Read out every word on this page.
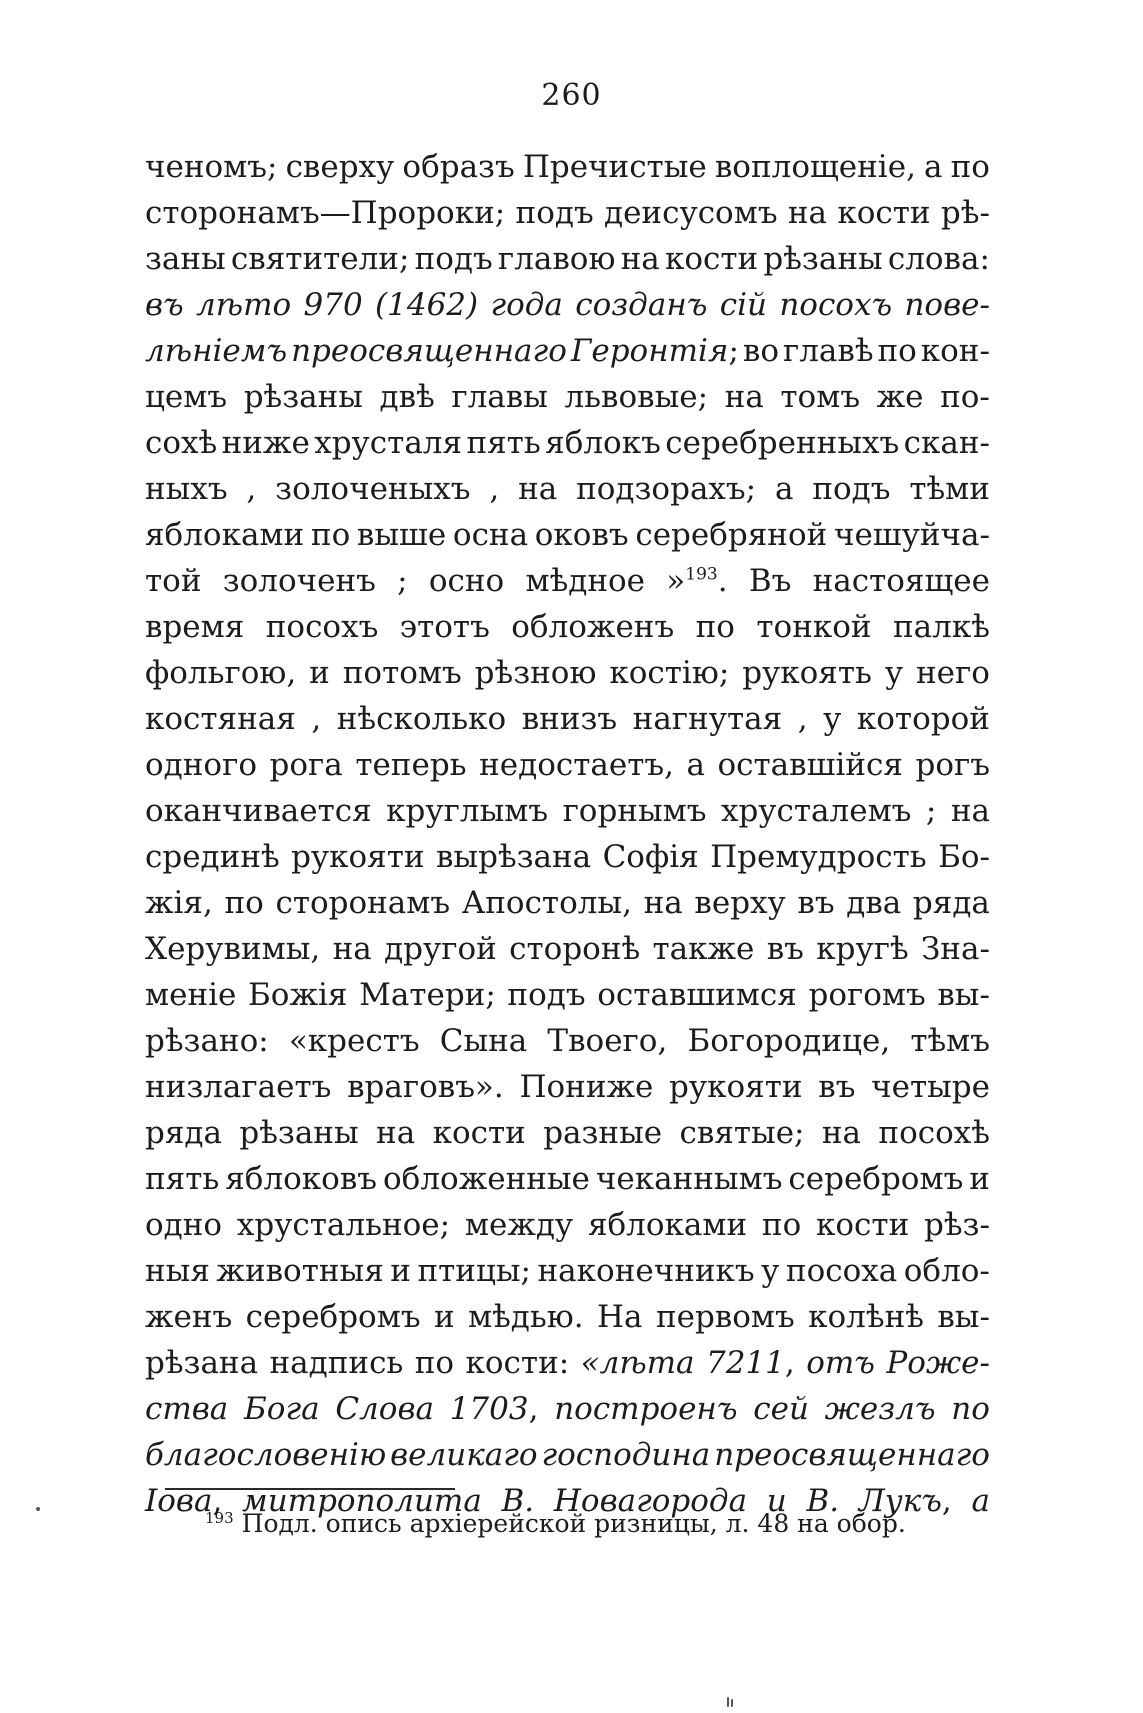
260
ченомъ; сверху образъ Пречистые воплощеніе, а по
сторонамъ—Пророки; подъ деисусомъ на кости рѣ-
заны святители; подъ главою на кости рѣзаны слова:
въ лѣто 970 (1462) года созданъ сій посохъ пове-
лѣніемъ преосвященнаго Геронтія; во главѣ по кон-
цемъ рѣзаны двѣ главы львовые; на томъ же по-
сохѣ ниже хрусталя пять яблокъ серебренныхъ скан-
ныхъ , золоченыхъ , на подзорахъ; а подъ тѣми
яблоками по выше осна оковъ серебряной чешуйча-
той золоченъ ; осно мѣдное »$^{193}$. Въ настоящее
время посохъ этотъ обложенъ по тонкой палкѣ
фольгою, и потомъ рѣзною костію; рукоять у него
костяная , нѣсколько внизъ нагнутая , у которой
одного рога теперь недостаетъ, а оставшійся рогъ
оканчивается круглымъ горнымъ хрусталемъ ; на
срединѣ рукояти вырѣзана Софія Премудрость Бо-
жія, по сторонамъ Апостолы, на верху въ два ряда
Херувимы, на другой сторонѣ также въ кругѣ Зна-
меніе Божія Матери; подъ оставшимся рогомъ вы-
рѣзано: «крестъ Сына Твоего, Богородице, тѣмъ
низлагаетъ враговъ». Пониже рукояти въ четыре
ряда рѣзаны на кости разные святые; на посохѣ
пять яблоковъ обложенные чеканнымъ серебромъ и
одно хрустальное; между яблоками по кости рѣз-
ныя животныя и птицы; наконечникъ у посоха обло-
женъ серебромъ и мѣдью. На первомъ колѣнѣ вы-
рѣзана надпись по кости: «лѣта 7211, отъ Роже-
ства Бога Слова 1703, построенъ сей жезлъ по
благословенію великаго господина преосвященнаго
Іова, митрополита В. Новагорода и В. Лукъ, а
$^{193}$ Подл. опись архіерейской ризницы, л. 48 на обор.
